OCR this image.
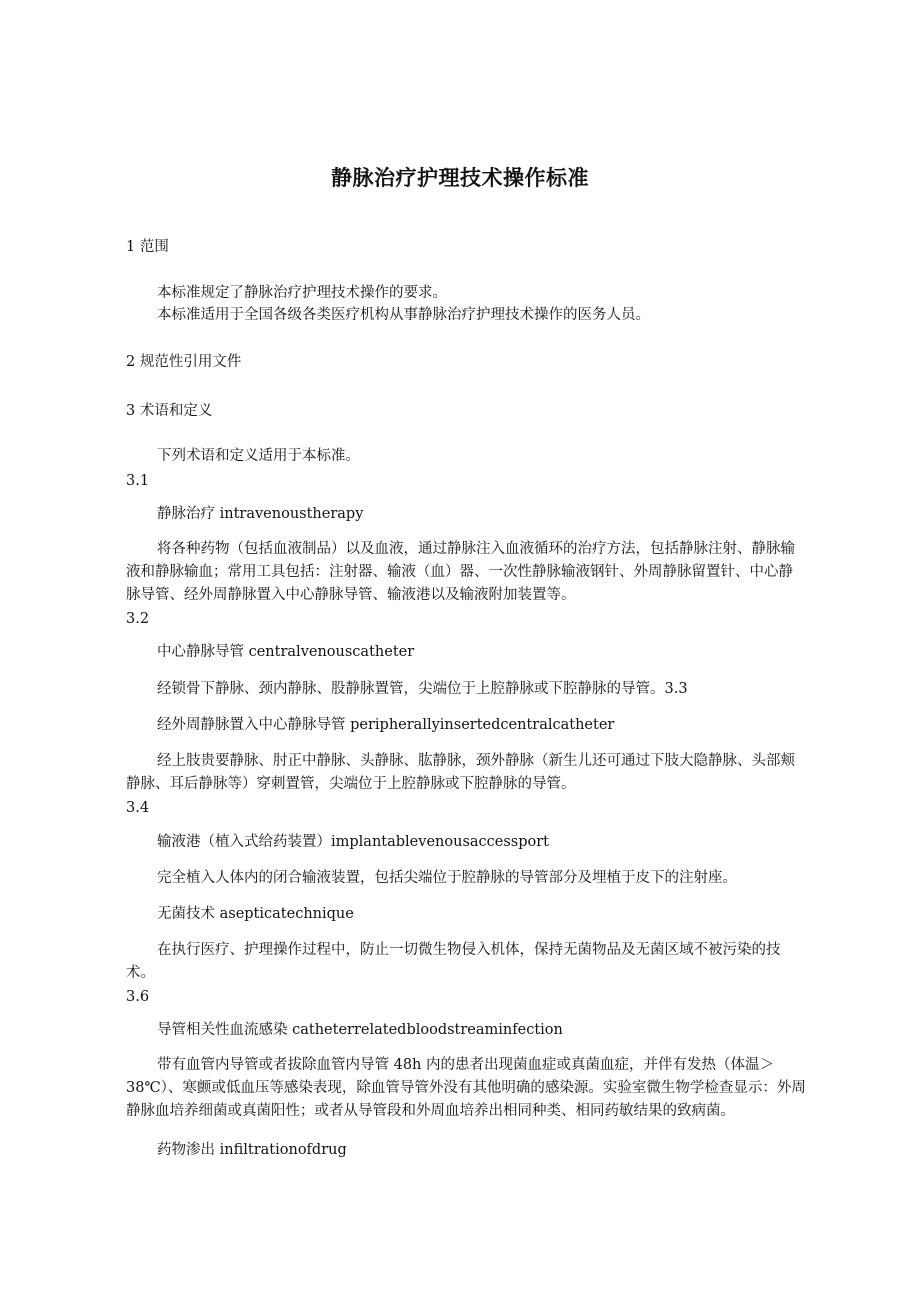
静脉治疗护理技术操作标准
1 范围
本标准规定了静脉治疗护理技术操作的要求。
本标准适用于全国各级各类医疗机构从事静脉治疗护理技术操作的医务人员。
2 规范性引用文件
3 术语和定义
下列术语和定义适用于本标准。
3.1
静脉治疗 intravenoustherapy
将各种药物（包括血液制品）以及血液，通过静脉注入血液循环的治疗方法，包括静脉注射、静脉输
液和静脉输血；常用工具包括：注射器、输液（血）器、一次性静脉输液钢针、外周静脉留置针、中心静
脉导管、经外周静脉置入中心静脉导管、输液港以及输液附加装置等。
3.2
中心静脉导管 centralvenouscatheter
经锁骨下静脉、颈内静脉、股静脉置管，尖端位于上腔静脉或下腔静脉的导管。3.3
经外周静脉置入中心静脉导管 peripherallyinsertedcentralcatheter
经上肢贵要静脉、肘正中静脉、头静脉、肱静脉，颈外静脉（新生儿还可通过下肢大隐静脉、头部颊
静脉、耳后静脉等）穿刺置管，尖端位于上腔静脉或下腔静脉的导管。
3.4
输液港（植入式给药装置）implantablevenousaccessport
完全植入人体内的闭合输液装置，包括尖端位于腔静脉的导管部分及埋植于皮下的注射座。
无菌技术 asepticatechnique
在执行医疗、护理操作过程中，防止一切微生物侵入机体，保持无菌物品及无菌区域不被污染的技
术。
3.6
导管相关性血流感染 catheterrelatedbloodstreaminfection
带有血管内导管或者拔除血管内导管 48h 内的患者出现菌血症或真菌血症，并伴有发热（体温＞
38℃）、寒颤或低血压等感染表现，除血管导管外没有其他明确的感染源。实验室微生物学检查显示：外周
静脉血培养细菌或真菌阳性；或者从导管段和外周血培养出相同种类、相同药敏结果的致病菌。
药物渗出 infiltrationofdrug
